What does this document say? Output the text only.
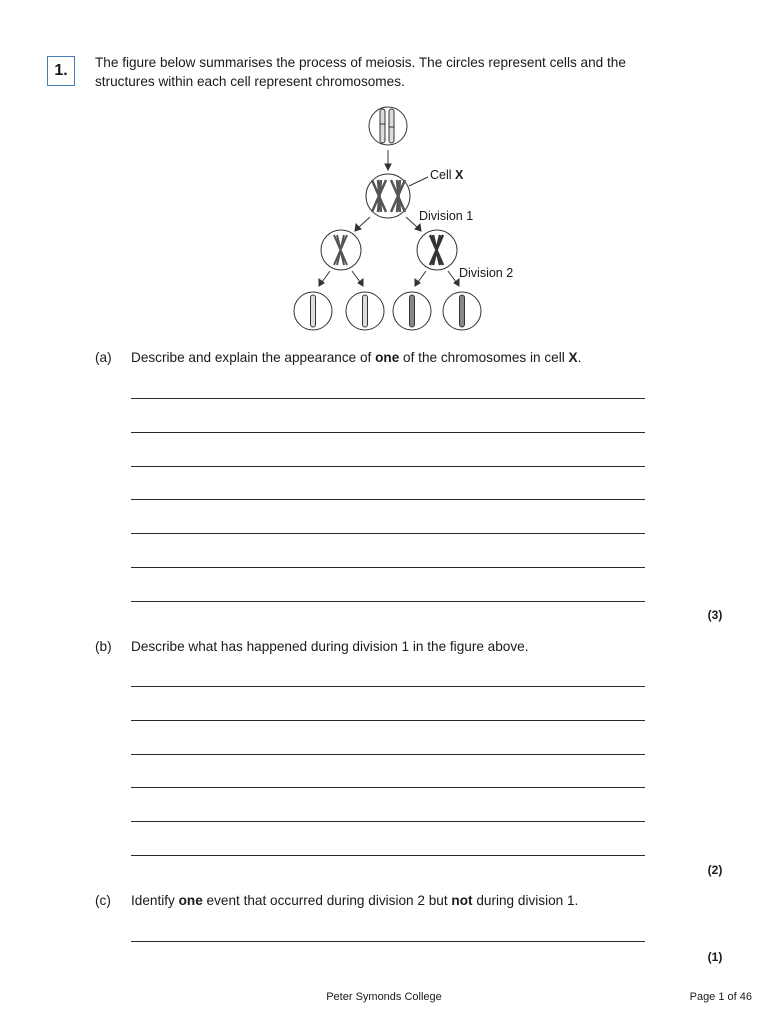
1.	The figure below summarises the process of meiosis. The circles represent cells and the structures within each cell represent chromosomes.
Cell X
Division 1
Division 2
(a) Describe and explain the appearance of one of the chromosomes in cell X.
(3)
(b) Describe what has happened during division 1 in the figure above.
(2)
(c) Identify one event that occurred during division 2 but not during division 1.
(1)
Peter Symonds College	Page 1 of 46
